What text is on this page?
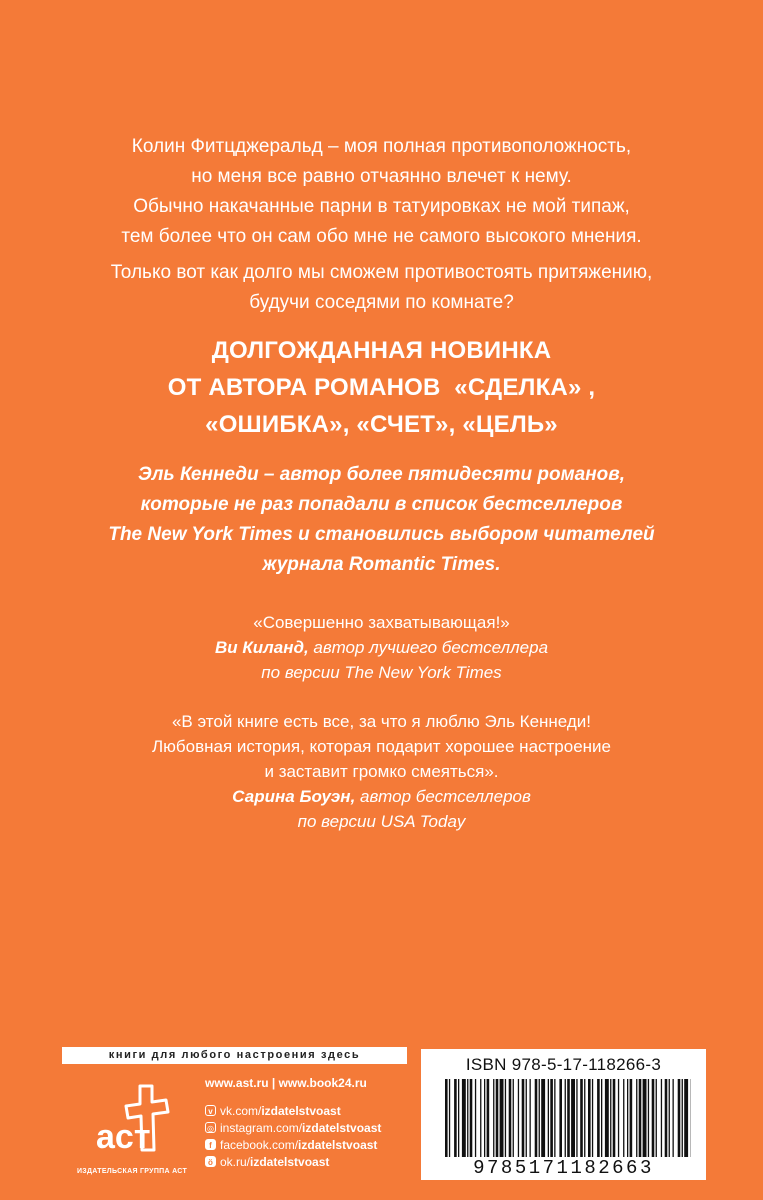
Колин Фитцджеральд – моя полная противоположность,

но меня все равно отчаянно влечет к нему.

Обычно накачанные парни в татуировках не мой типаж,

тем более что он сам обо мне не самого высокого мнения.

Только вот как долго мы сможем противостоять притяжению,

будучи соседями по комнате?

ДОЛГОЖДАННАЯ НОВИНКА
ОТ АВТОРА РОМАНОВ  «СДЕЛКА» ,
«ОШИБКА», «СЧЕТ», «ЦЕЛЬ»
Эль Кеннеди – автор более пятидесяти романов,
которые не раз попадали в список бестселлеров
The New York Times и становились выбором читателей
журнала Romantic Times.
«Совершенно захватывающая!»
Ви Киланд, автор лучшего бестселлера
по версии The New York Times
«В этой книге есть все, за что я люблю Эль Кеннеди!
Любовная история, которая подарит хорошее настроение
и заставит громко смеяться».
Сарина Боуэн, автор бестселлеров
по версии USA Today
книги для любого настроения здесь
аст
ИЗДАТЕЛЬСКАЯ ГРУППА АСТ
www.ast.ru | www.book24.ru
v vk.com/ izdatelstvoast
◎ instagram.com/ izdatelstvoast
f facebook.com/ izdatelstvoast
ö ok.ru/ izdatelstvoast
ISBN 978-5-17-118266-3
9785171182663
